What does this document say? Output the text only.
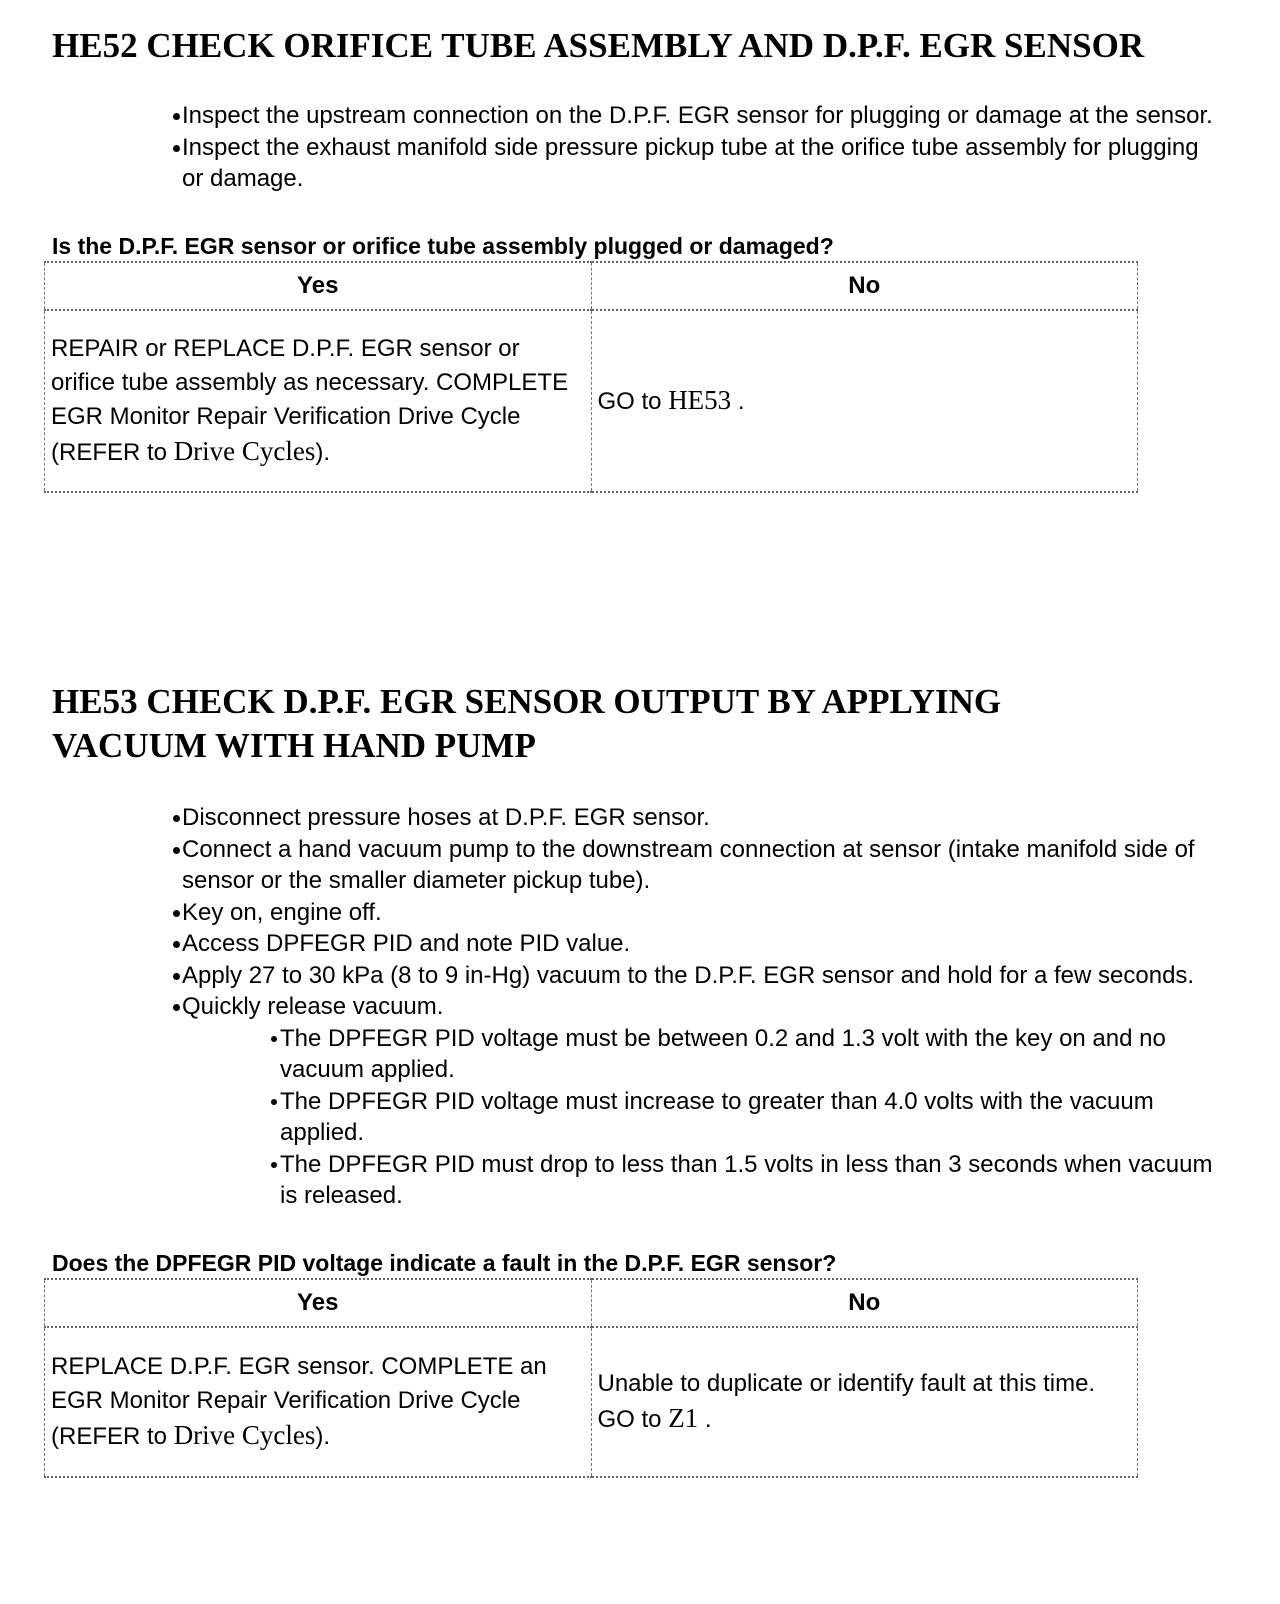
HE52 CHECK ORIFICE TUBE ASSEMBLY AND D.P.F. EGR SENSOR
Inspect the upstream connection on the D.P.F. EGR sensor for plugging or damage at the sensor.
Inspect the exhaust manifold side pressure pickup tube at the orifice tube assembly for plugging or damage.
Is the D.P.F. EGR sensor or orifice tube assembly plugged or damaged?
Yes	No
REPAIR or REPLACE D.P.F. EGR sensor or orifice tube assembly as necessary. COMPLETE EGR Monitor Repair Verification Drive Cycle (REFER to Drive Cycles).	GO to HE53 .
HE53 CHECK D.P.F. EGR SENSOR OUTPUT BY APPLYING VACUUM WITH HAND PUMP
Disconnect pressure hoses at D.P.F. EGR sensor.
Connect a hand vacuum pump to the downstream connection at sensor (intake manifold side of sensor or the smaller diameter pickup tube).
Key on, engine off.
Access DPFEGR PID and note PID value.
Apply 27 to 30 kPa (8 to 9 in-Hg) vacuum to the D.P.F. EGR sensor and hold for a few seconds.
Quickly release vacuum.
The DPFEGR PID voltage must be between 0.2 and 1.3 volt with the key on and no vacuum applied.
The DPFEGR PID voltage must increase to greater than 4.0 volts with the vacuum applied.
The DPFEGR PID must drop to less than 1.5 volts in less than 3 seconds when vacuum is released.
Does the DPFEGR PID voltage indicate a fault in the D.P.F. EGR sensor?
Yes	No
REPLACE D.P.F. EGR sensor. COMPLETE an EGR Monitor Repair Verification Drive Cycle (REFER to Drive Cycles).	Unable to duplicate or identify fault at this time. GO to Z1 .
